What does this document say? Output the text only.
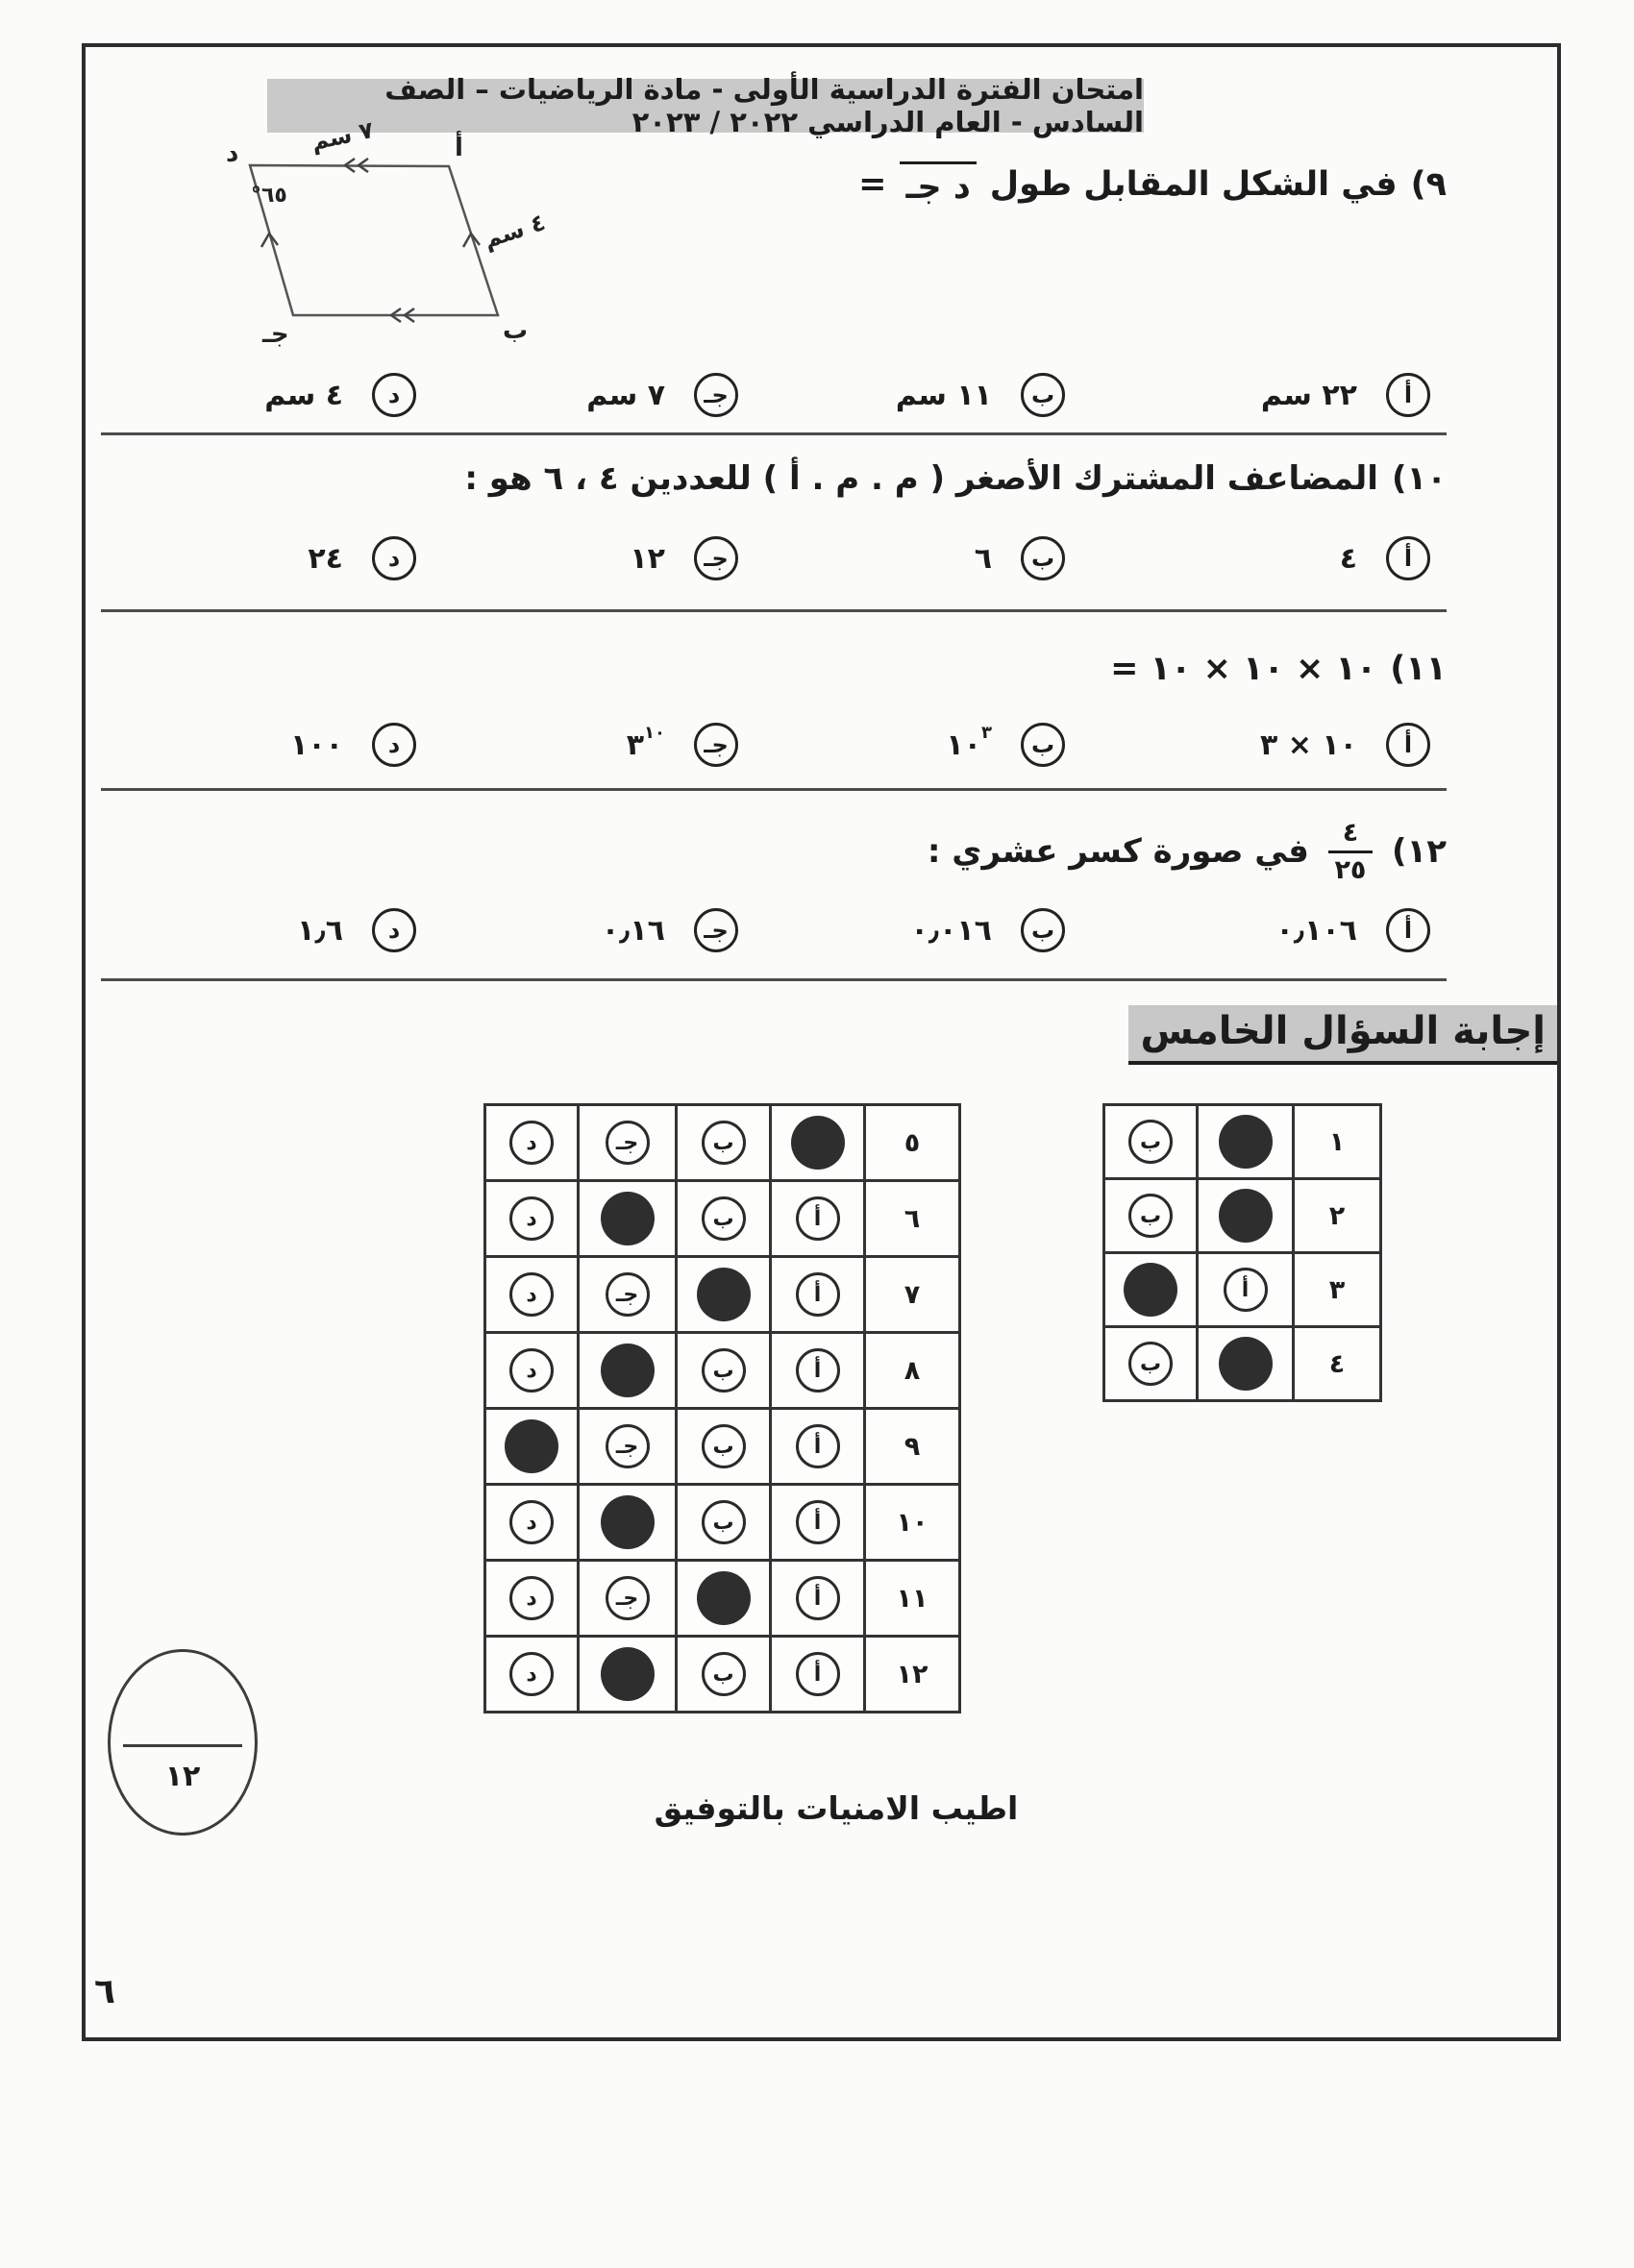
امتحان الفترة الدراسية الأولى - مادة الرياضيات – الصف السادس - العام الدراسي ٢٠٢٢ / ٢٠٢٣
د	أ
ب
جـ
٧ سم
٤ سم
°٦٥	٩)
في الشكل المقابل طول
د جـ
=
أ
٢٢ سم
ب
١١ سم
جـ
٧ سم
د
٤ سم
١٠)
المضاعف المشترك الأصغر ( م . م . أ ) للعددين ٤ ، ٦ هو :
أ
٤
ب
٦
جـ
١٢
د
٢٤
١١)
١٠ × ١٠ × ١٠ =
أ
١٠ × ٣
ب
$١٠^٣$
جـ
$٣^{١٠}$
د
١٠٠
١٢)
$\frac{٤}{٢٥}$
في صورة كسر عشري :
أ
٠٫١٠٦
ب
٠٫٠١٦
جـ
٠٫١٦
د
١٫٦
إجابة السؤال الخامس
١
ب
٢
ب
٣
أ
٤
ب
٥
ب
جـ
د
٦
أ
ب
د
٧
أ
جـ
د
٨
أ
ب
د
٩
أ
ب
جـ
١٠
أ
ب
د
١١
أ
جـ
د
١٢
أ
ب
د
١٢
اطيب الامنيات بالتوفيق
٦
